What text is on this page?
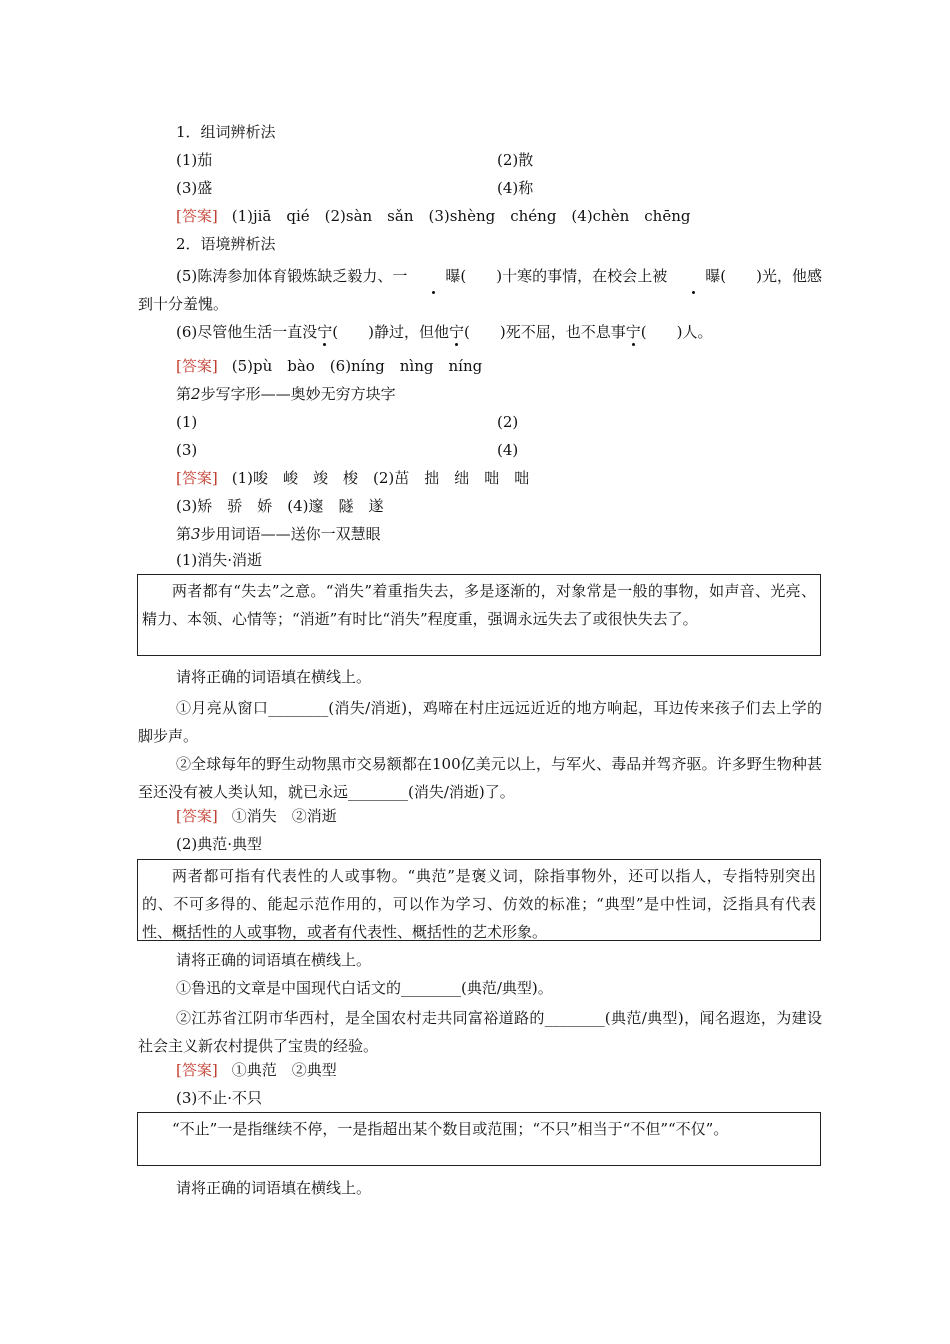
1．组词辨析法
(1)茄	(2)散
(3)盛	(4)称
[答案] (1)jiā　qié　(2)sàn　sǎn　(3)shèng　chéng　(4)chèn　chēng
2．语境辨析法
(5)陈涛参加体育锻炼缺乏毅力、一	曝(　　)十寒的事情，在校会上被	曝(　　)光，他感到十分羞愧。
(6)尽管他生活一直没宁(　　)静过，但他宁(　　)死不屈，也不息事宁(　　)人。
[答案] (5)pù　bào　(6)níng　nìng　níng
第2步写字形——奥妙无穷方块字
(1)	(2)
(3)	(4)
[答案] (1)唆　峻　竣　梭　(2)茁　拙　绌　咄　咄
(3)矫　骄　娇　(4)邃　隧　遂
第3步用词语——送你一双慧眼
(1)消失·消逝
两者都有“失去”之意。“消失”着重指失去，多是逐渐的，对象常是一般的事物，如声音、光亮、精力、本领、心情等；“消逝”有时比“消失”程度重，强调永远失去了或很快失去了。
请将正确的词语填在横线上。
①月亮从窗口________(消失/消逝)，鸡啼在村庄远远近近的地方响起，耳边传来孩子们去上学的脚步声。
②全球每年的野生动物黑市交易额都在100亿美元以上，与军火、毒品并驾齐驱。许多野生物种甚至还没有被人类认知，就已永远________(消失/消逝)了。
[答案] ①消失　②消逝
(2)典范·典型
两者都可指有代表性的人或事物。“典范”是褒义词，除指事物外，还可以指人，专指特别突出的、不可多得的、能起示范作用的，可以作为学习、仿效的标准；“典型”是中性词，泛指具有代表性、概括性的人或事物，或者有代表性、概括性的艺术形象。
请将正确的词语填在横线上。
①鲁迅的文章是中国现代白话文的________(典范/典型)。
②江苏省江阴市华西村，是全国农村走共同富裕道路的________(典范/典型)，闻名遐迩，为建设社会主义新农村提供了宝贵的经验。
[答案] ①典范　②典型
(3)不止·不只
“不止”一是指继续不停，一是指超出某个数目或范围；“不只”相当于“不但”“不仅”。
请将正确的词语填在横线上。
